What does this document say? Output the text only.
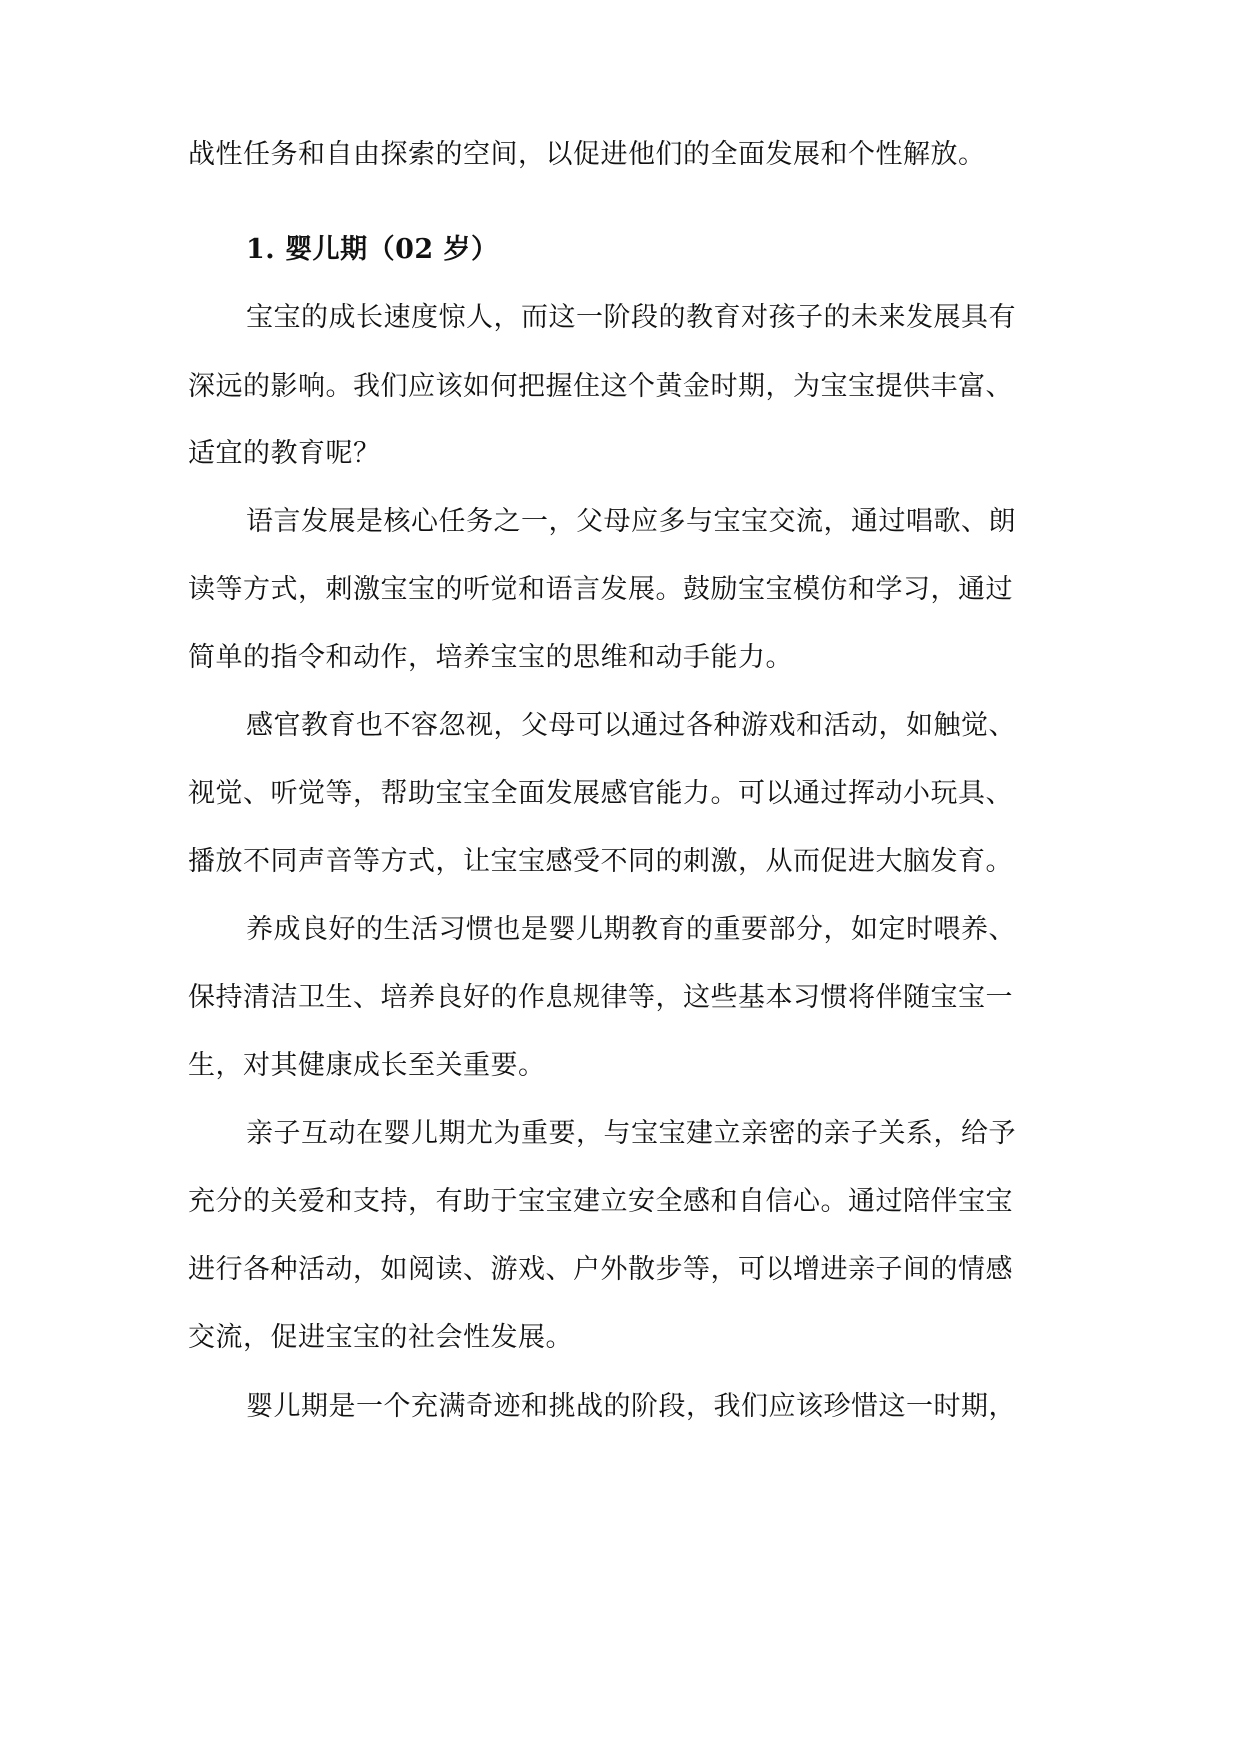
战性任务和自由探索的空间，以促进他们的全面发展和个性解放。
1. 婴儿期（02 岁）
宝宝的成长速度惊人，而这一阶段的教育对孩子的未来发展具有
深远的影响。我们应该如何把握住这个黄金时期，为宝宝提供丰富、
适宜的教育呢？
语言发展是核心任务之一，父母应多与宝宝交流，通过唱歌、朗
读等方式，刺激宝宝的听觉和语言发展。鼓励宝宝模仿和学习，通过
简单的指令和动作，培养宝宝的思维和动手能力。
感官教育也不容忽视，父母可以通过各种游戏和活动，如触觉、
视觉、听觉等，帮助宝宝全面发展感官能力。可以通过挥动小玩具、
播放不同声音等方式，让宝宝感受不同的刺激，从而促进大脑发育。
养成良好的生活习惯也是婴儿期教育的重要部分，如定时喂养、
保持清洁卫生、培养良好的作息规律等，这些基本习惯将伴随宝宝一
生，对其健康成长至关重要。
亲子互动在婴儿期尤为重要，与宝宝建立亲密的亲子关系，给予
充分的关爱和支持，有助于宝宝建立安全感和自信心。通过陪伴宝宝
进行各种活动，如阅读、游戏、户外散步等，可以增进亲子间的情感
交流，促进宝宝的社会性发展。
婴儿期是一个充满奇迹和挑战的阶段，我们应该珍惜这一时期，
